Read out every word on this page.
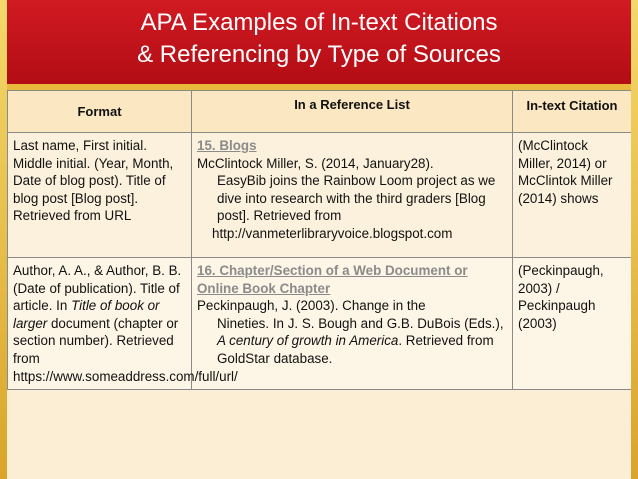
APA Examples of In-text Citations
& Referencing by Type of Sources
Format	In a Reference List	In-text Citation
Last name, First initial. Middle initial. (Year, Month, Date of blog post). Title of blog post [Blog post]. Retrieved from URL	15. Blogs
McClintock Miller, S. (2014, January28).
EasyBib joins the Rainbow Loom project as we dive into research with the third graders [Blog post]. Retrieved from
http://vanmeterlibraryvoice.blogspot.com	(McClintock Miller, 2014) or McClintok Miller (2014) shows
Author, A. A., & Author, B. B. (Date of publication). Title of article. In Title of book or larger document (chapter or section number). Retrieved from https://www.someaddress.com/full/url/	16. Chapter/Section of a Web Document or Online Book Chapter
Peckinpaugh, J. (2003). Change in the
Nineties. In J. S. Bough and G.B. DuBois (Eds.), A century of growth in America. Retrieved from GoldStar database.	(Peckinpaugh, 2003) / Peckinpaugh (2003)
